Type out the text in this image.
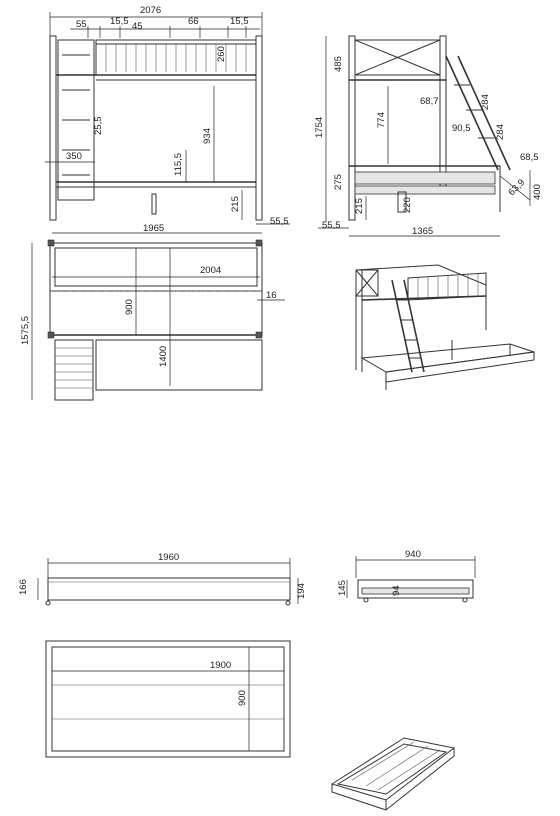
2076
55 15,5 45	66	15,5
25,5
350
934
260
115,5
215
55,5
1965
485
1754	774
68,7
90,5
284
284
275
215	220
68,5
63,9 400
55,5
1365
1575,5
2004
900
1400
16
1960
166	194
940
145	94
1900
900
